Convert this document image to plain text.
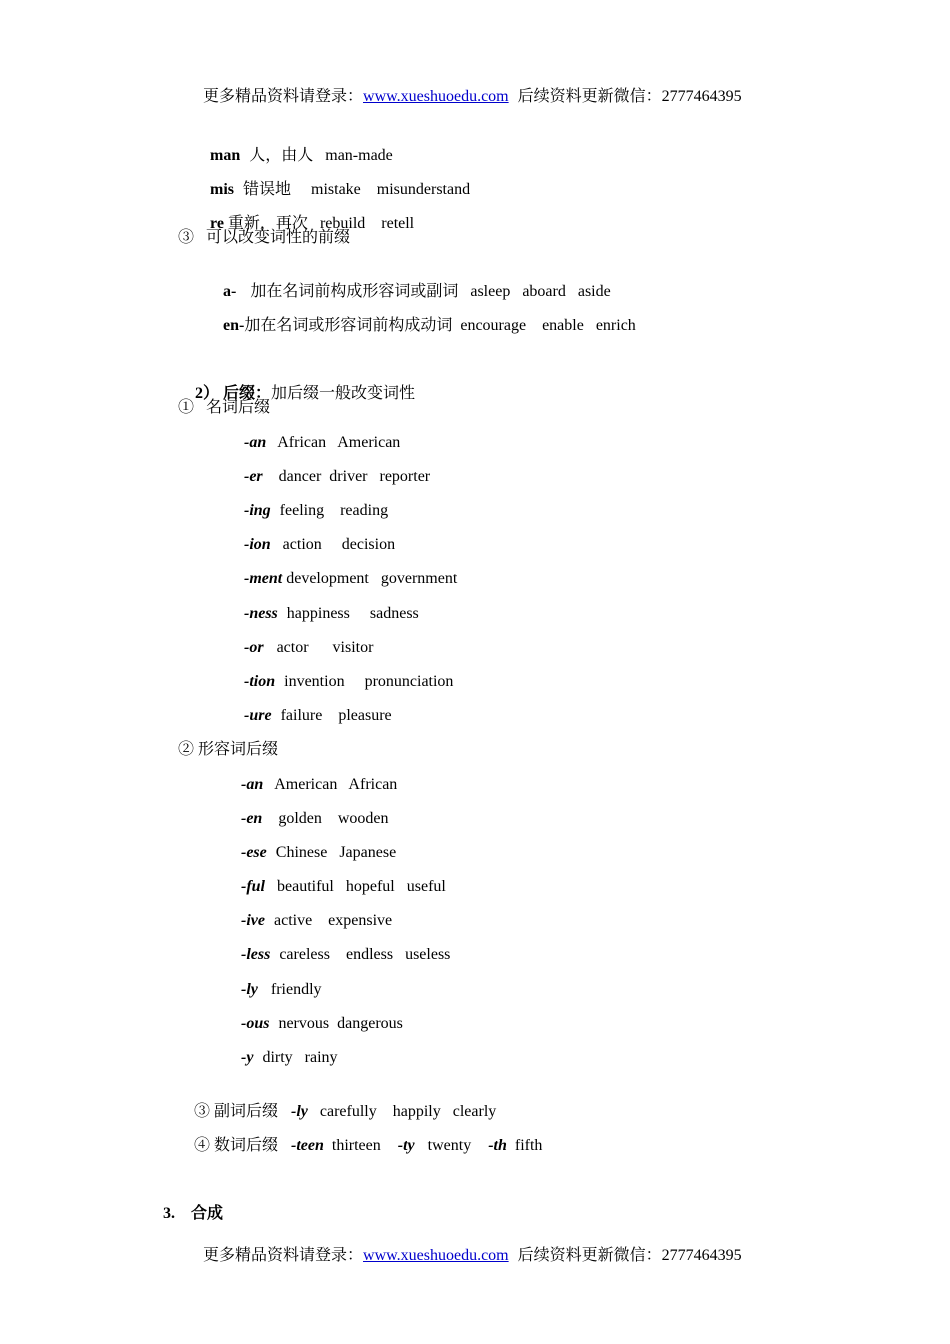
更多精品资料请登录：www.xueshuoedu.com 后续资料更新微信：2777464395

man 人，由人 man-made

mis 错误地 mistake    misunderstand

re 重新，再次 rebuild    retell

③   可以改变词性的前缀

a- 加在名词前构成形容词或副词 asleep   aboard   aside

en-加在名词或形容词前构成动词 encourage    enable   enrich

2） 后缀：加后缀一般改变词性

①   名词后缀
-an African   American
-er dancer  driver   reporter
-ing feeling    reading
-ion action     decision
-ment development   government
-ness happiness     sadness
-or actor      visitor
-tion invention     pronunciation
-ure failure    pleasure
② 形容词后缀
-an American   African
-en golden    wooden
-ese Chinese   Japanese
-ful beautiful   hopeful   useful
-ive active    expensive
-less careless    endless   useless
-ly friendly
-ous nervous  dangerous
-y dirty   rainy

③ 副词后缀 -ly carefully    happily   clearly

④ 数词后缀 -teen thirteen -ty twenty -th fifth

3. 合成

更多精品资料请登录：www.xueshuoedu.com 后续资料更新微信：2777464395
